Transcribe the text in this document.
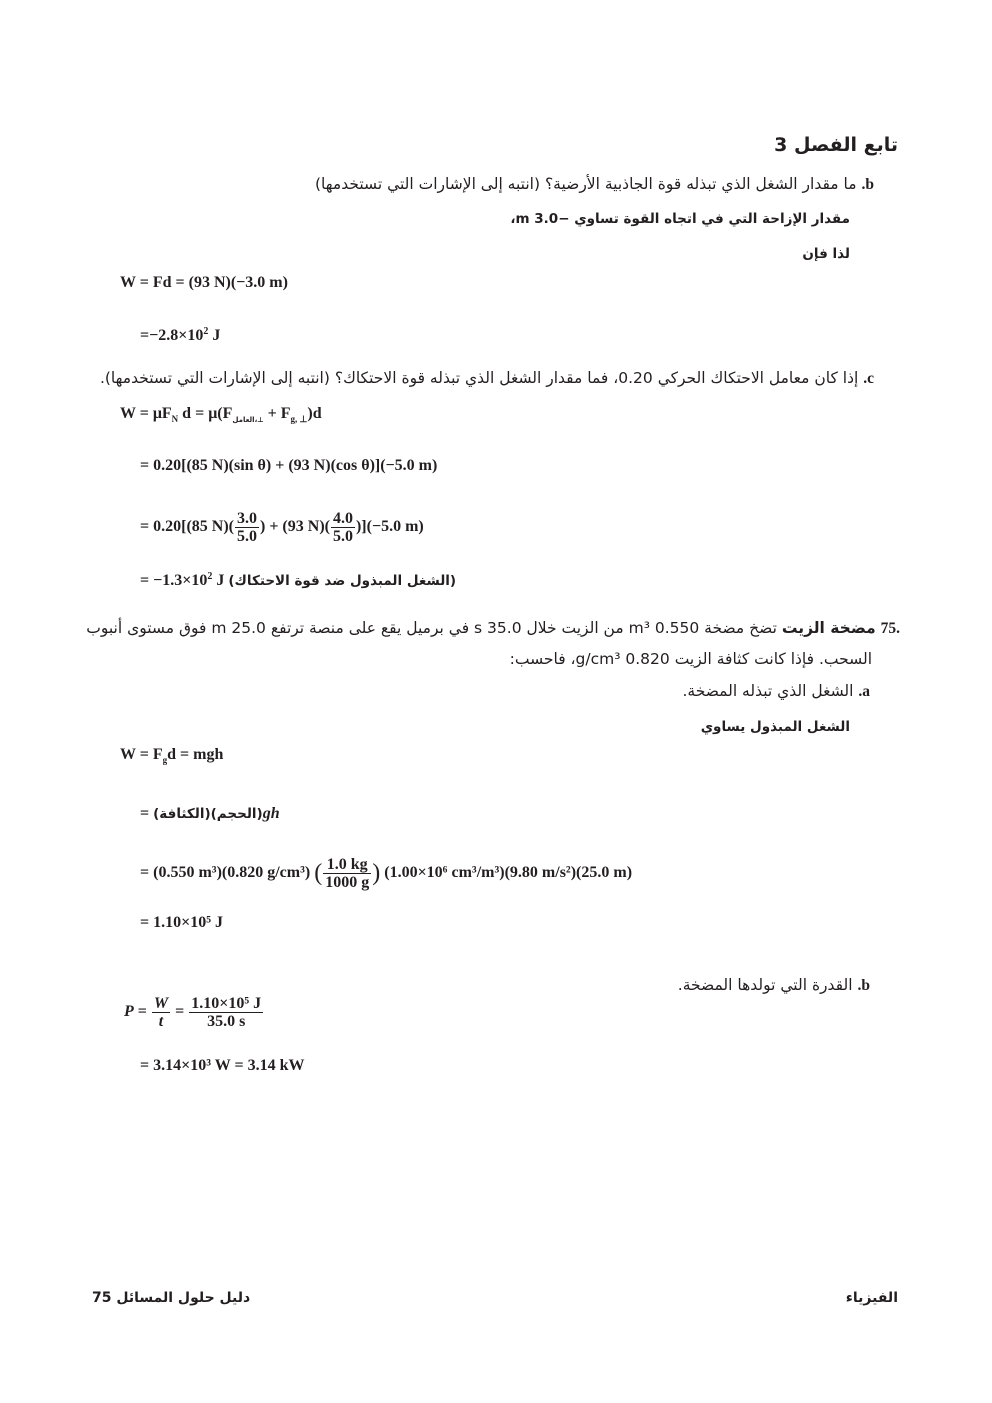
تابع الفصل 3
b. ما مقدار الشغل الذي تبذله قوة الجاذبية الأرضية؟ (انتبه إلى الإشارات التي تستخدمها)
مقدار الإزاحة التي في اتجاه القوة تساوي −3.0 m،
لذا فإن
W = Fd = (93 N)(−3.0 m)
$=-2.8\times 10^2$ J
c. إذا كان معامل الاحتكاك الحركي 0.20، فما مقدار الشغل الذي تبذله قوة الاحتكاك؟ (انتبه إلى الإشارات التي تستخدمها).
$W = \mu F_N$ $d = \mu(F_{العامل،\perp} + F_{g, \perp})d$
= 0.20[(85 N)(sin θ) + (93 N)(cos θ)](−5.0 m)
= 0.20[(85 $N)( \frac{3.0}{5.0}$ ) + (93 $N)( \frac{4.0}{5.0} )](-5.0$ m)
= $-1.3\times 10^2$ J (الشغل المبذول ضد قوة الاحتكاك)
.75 مضخة الزيت تضخ مضخة 0.550 m³ من الزيت خلال 35.0 s في برميل يقع على منصة ترتفع 25.0 m فوق مستوى أنبوب
السحب. فإذا كانت كثافة الزيت 0.820 g/cm³، فاحسب:
a. الشغل الذي تبذله المضخة.
الشغل المبذول يساوي
$W = F_gd$ = mgh
= (الكثافة)(الحجم)gh
= (0.550 m³)(0.820 g/cm³) ( $\frac{1.0 kg}{1000 g}$ ) (1.00×10⁶ cm³/m³)(9.80 m/s²)(25.0 m)
= 1.10×10⁵ J
b. القدرة التي تولدها المضخة.
$P = \frac{W}{t} = \frac{\text{1.10×10⁵ J}}{35.0 s}$
= 3.14×10³ W = 3.14 kW
الفيزياء
دليل حلول المسائل 75
